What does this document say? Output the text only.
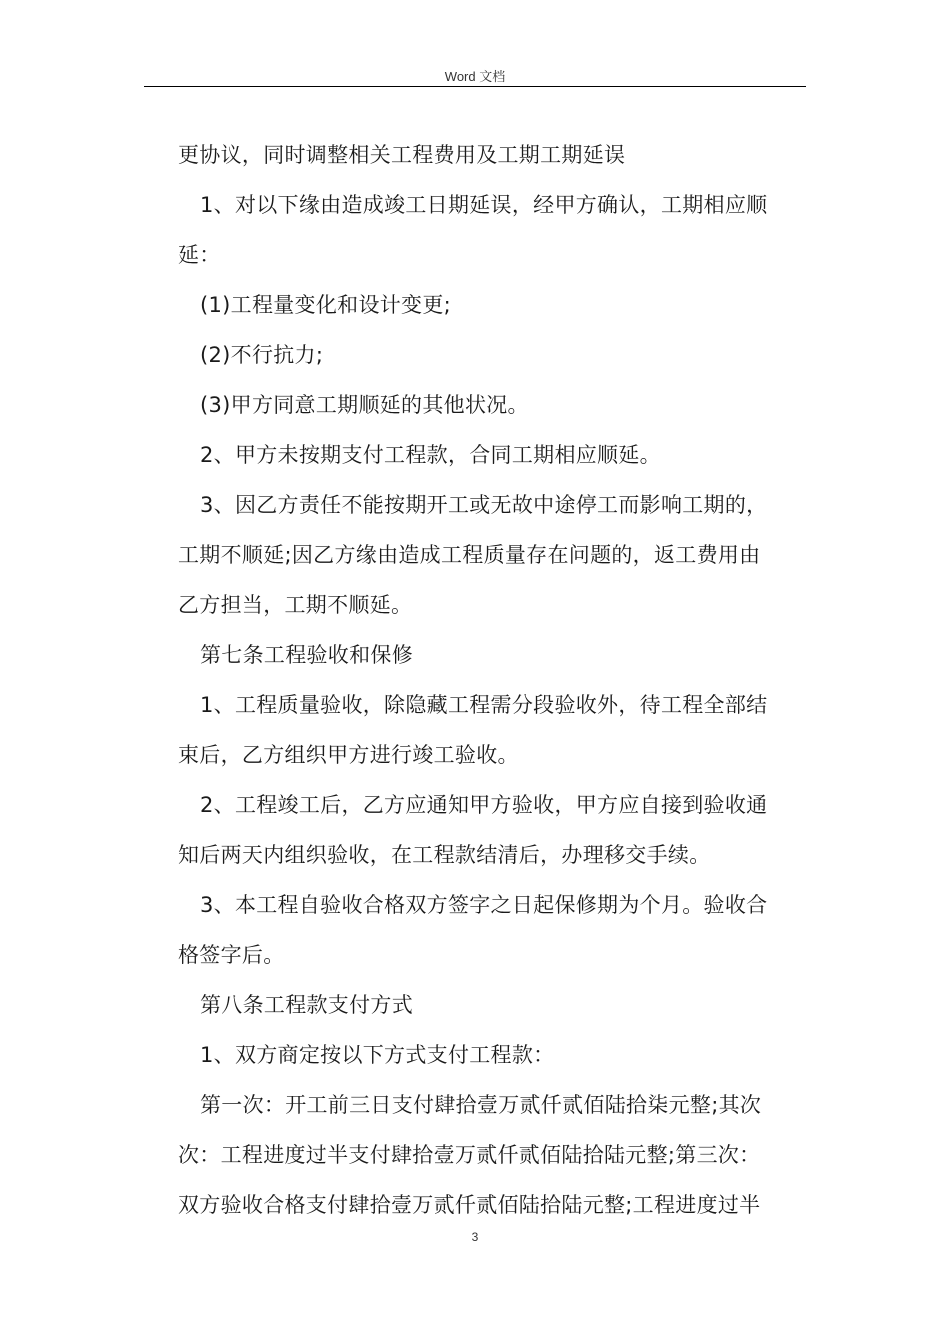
Word 文档

更协议，同时调整相关工程费用及工期工期延误

1、对以下缘由造成竣工日期延误，经甲方确认，工期相应顺

延：

(1)工程量变化和设计变更;

(2)不行抗力;

(3)甲方同意工期顺延的其他状况。

2、甲方未按期支付工程款，合同工期相应顺延。

3、因乙方责任不能按期开工或无故中途停工而影响工期的，

工期不顺延;因乙方缘由造成工程质量存在问题的，返工费用由

乙方担当，工期不顺延。

第七条工程验收和保修

1、工程质量验收，除隐藏工程需分段验收外，待工程全部结

束后，乙方组织甲方进行竣工验收。

2、工程竣工后，乙方应通知甲方验收，甲方应自接到验收通

知后两天内组织验收，在工程款结清后，办理移交手续。

3、本工程自验收合格双方签字之日起保修期为个月。验收合

格签字后。

第八条工程款支付方式

1、双方商定按以下方式支付工程款：

第一次：开工前三日支付肆拾壹万贰仟贰佰陆拾柒元整;其次

次：工程进度过半支付肆拾壹万贰仟贰佰陆拾陆元整;第三次：

双方验收合格支付肆拾壹万贰仟贰佰陆拾陆元整;工程进度过半

3
